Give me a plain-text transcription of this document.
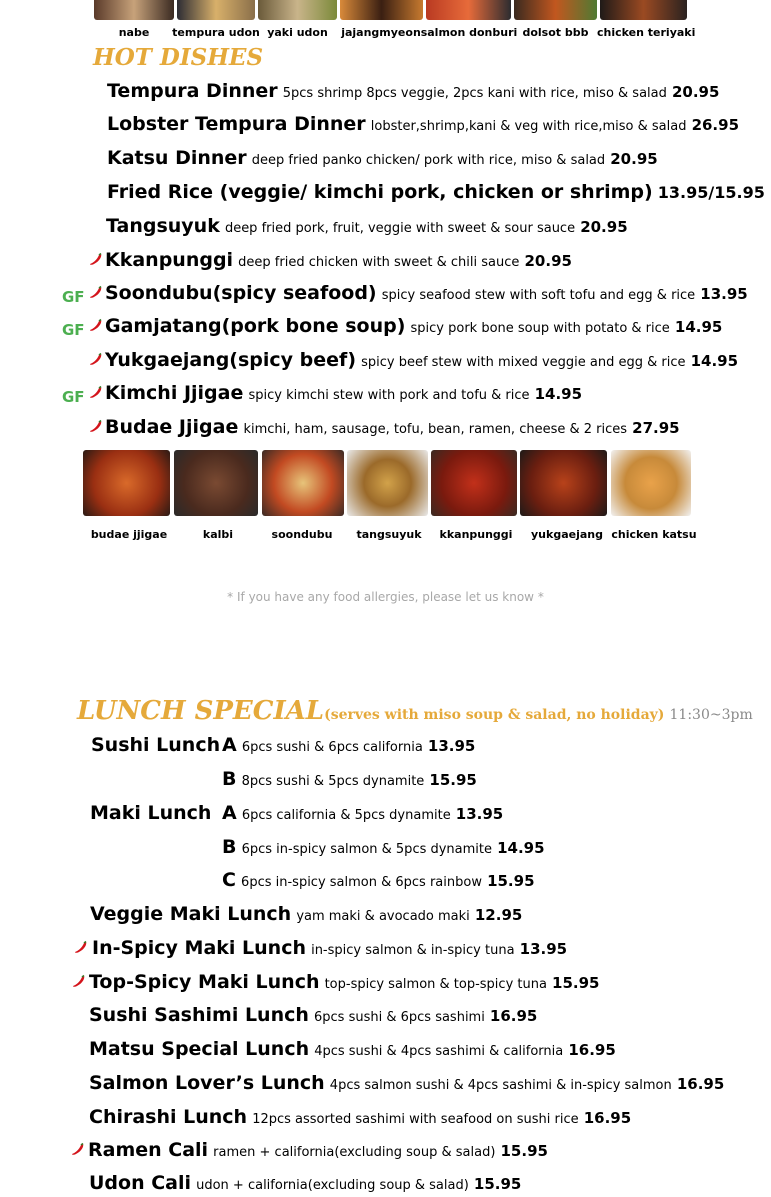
nabe	tempura udon yaki udon	jajangmyeon salmon donburi dolsot bbb chicken teriyaki
HOT DISHES
Tempura Dinner 5pcs shrimp 8pcs veggie, 2pcs kani with rice, miso & salad 20.95
Lobster Tempura Dinner lobster,shrimp,kani & veg with rice,miso & salad 26.95
Katsu Dinner deep fried panko chicken/ pork with rice, miso & salad 20.95
Fried Rice (veggie/ kimchi pork, chicken or shrimp) 13.95/15.95
Tangsuyuk deep fried pork, fruit, veggie with sweet & sour sauce 20.95
Kkanpunggi deep fried chicken with sweet & chili sauce 20.95
GF Soondubu(spicy seafood) spicy seafood stew with soft tofu and egg & rice 13.95
GF Gamjatang(pork bone soup) spicy pork bone soup with potato & rice 14.95
Yukgaejang(spicy beef) spicy beef stew with mixed veggie and egg & rice 14.95
GF Kimchi Jjigae spicy kimchi stew with pork and tofu & rice 14.95
Budae Jjigae kimchi, ham, sausage, tofu, bean, ramen, cheese & 2 rices 27.95
budae jjigae	kalbi	soondubu	tangsuyuk	kkanpunggi	yukgaejang chicken katsu
* If you have any food allergies, please let us know *
LUNCH SPECIAL(serves with miso soup & salad, no holiday) 11:30~3pm
Sushi Lunch A 6pcs sushi & 6pcs california 13.95
B 8pcs sushi & 5pcs dynamite 15.95
Maki Lunch A 6pcs california & 5pcs dynamite 13.95
B 6pcs in-spicy salmon & 5pcs dynamite 14.95
C 6pcs in-spicy salmon & 6pcs rainbow 15.95
Veggie Maki Lunch yam maki & avocado maki 12.95
In-Spicy Maki Lunch in-spicy salmon & in-spicy tuna 13.95
Top-Spicy Maki Lunch top-spicy salmon & top-spicy tuna 15.95
Sushi Sashimi Lunch 6pcs sushi & 6pcs sashimi 16.95
Matsu Special Lunch 4pcs sushi & 4pcs sashimi & california 16.95
Salmon Lover’s Lunch 4pcs salmon sushi & 4pcs sashimi & in-spicy salmon 16.95
Chirashi Lunch 12pcs assorted sashimi with seafood on sushi rice 16.95
Ramen Cali ramen + california(excluding soup & salad) 15.95
Udon Cali udon + california(excluding soup & salad) 15.95
